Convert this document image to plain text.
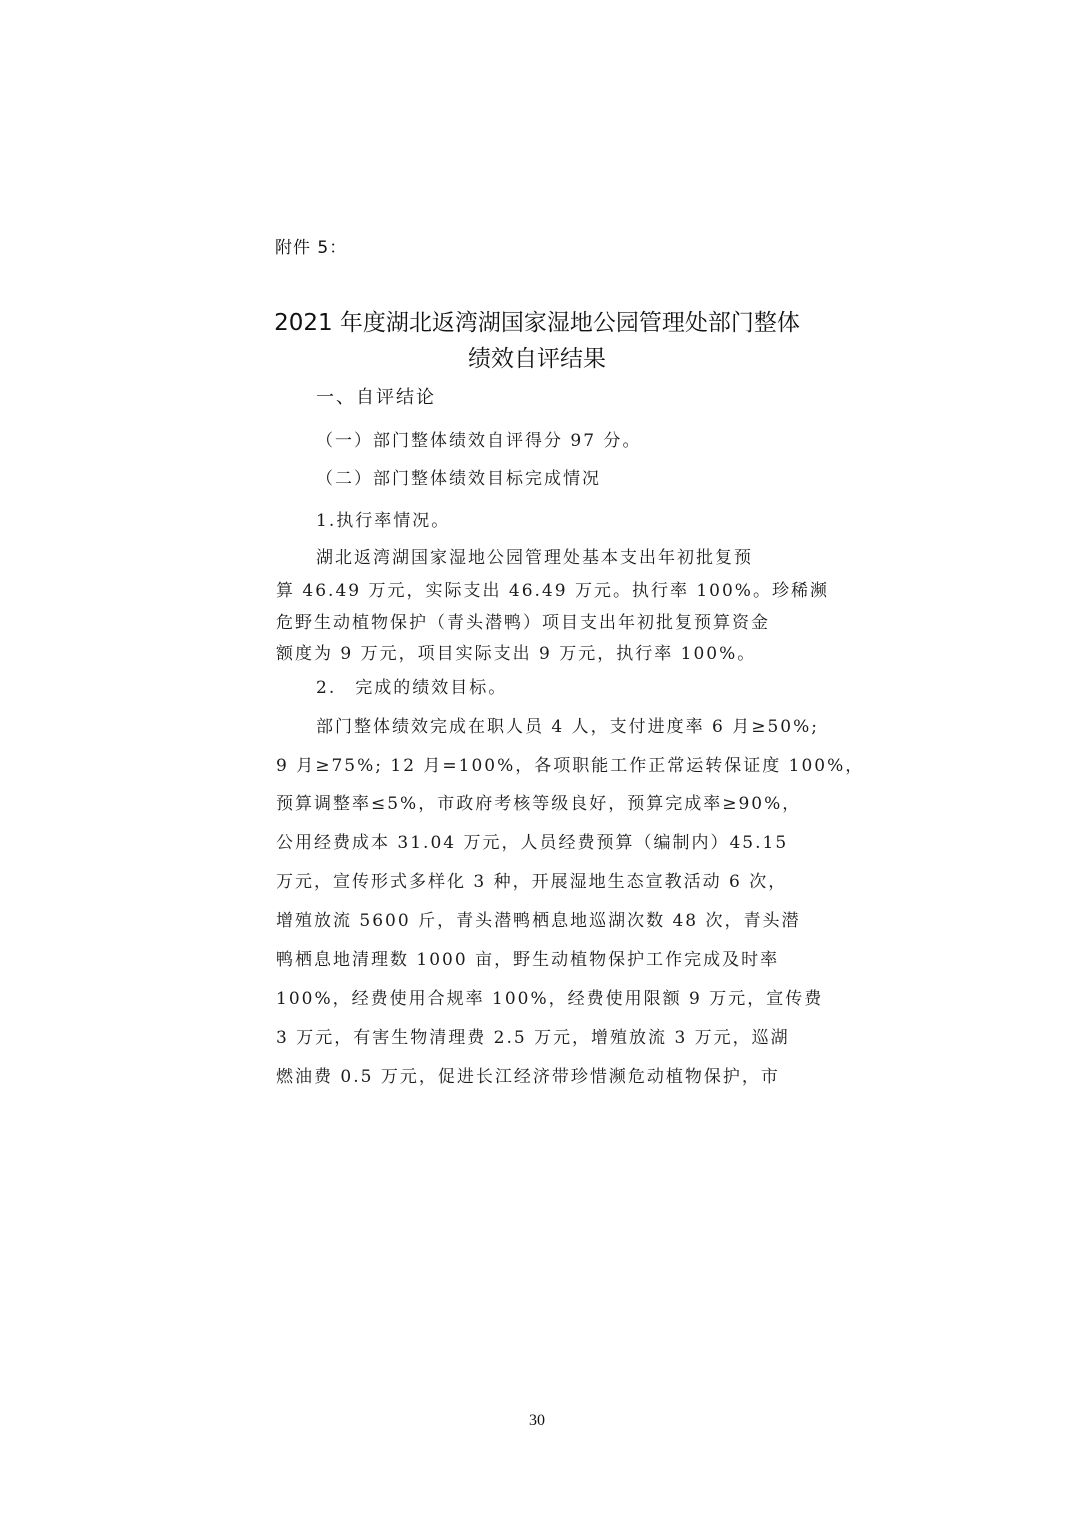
附件 5：
2021 年度湖北返湾湖国家湿地公园管理处部门整体
绩效自评结果
一、自评结论
（一）部门整体绩效自评得分 97 分。
（二）部门整体绩效目标完成情况
1.执行率情况。
湖北返湾湖国家湿地公园管理处基本支出年初批复预
算 46.49 万元，实际支出 46.49 万元。执行率 100%。珍稀濒
危野生动植物保护（青头潜鸭）项目支出年初批复预算资金
额度为 9 万元，项目实际支出 9 万元，执行率 100%。
2.　完成的绩效目标。
部门整体绩效完成在职人员 4 人，支付进度率 6 月≥50%;
9 月≥75%; 12 月=100%，各项职能工作正常运转保证度 100%，
预算调整率≤5%，市政府考核等级良好，预算完成率≥90%，
公用经费成本 31.04 万元，人员经费预算（编制内）45.15
万元，宣传形式多样化 3 种，开展湿地生态宣教活动 6 次，
增殖放流 5600 斤，青头潜鸭栖息地巡湖次数 48 次，青头潜
鸭栖息地清理数 1000 亩，野生动植物保护工作完成及时率
100%，经费使用合规率 100%，经费使用限额 9 万元，宣传费
3 万元，有害生物清理费 2.5 万元，增殖放流 3 万元，巡湖
燃油费 0.5 万元，促进长江经济带珍惜濒危动植物保护，市
30
